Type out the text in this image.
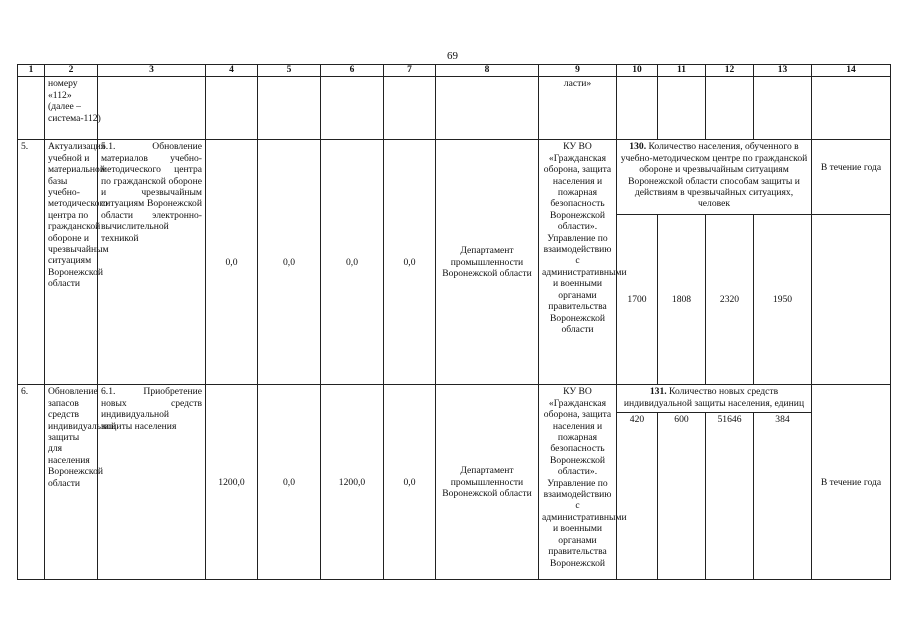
69
1	2	3	4	5	6	7	8	9	10	11	12	13	14
	номеру «112» (далее – система-112)							ласти»					
5.	Актуализация учебной и материальной базы учебно-методического центра по гражданской обороне и чрезвычайным ситуациям Воронежской области	5.1. Обновление материалов учебно-методического центра по гражданской обороне и чрезвычайным ситуациям Воронежской области электронно-вычислительной техникой	0,0	0,0	0,0	0,0	Департамент промышленности Воронежской области	КУ ВО «Гражданская оборона, защита населения и пожарная безопасность Воронежской области». Управление по взаимодействию с административными и военными органами правительства Воронежской области	130. Количество населения, обученного в учебно-методическом центре по гражданской обороне и чрезвычайным ситуациям Воронежской области способам защиты и действиям в чрезвычайных ситуациях, человек				В течение года
									1700	1808	2320	1950	
6.	Обновление запасов средств индивидуальной защиты для населения Воронежской области	6.1. Приобретение новых средств индивидуальной защиты населения	1200,0	0,0	1200,0	0,0	Департамент промышленности Воронежской области	КУ ВО «Гражданская оборона, защита населения и пожарная безопасность Воронежской области». Управление по взаимодействию с административными и военными органами правительства Воронежской	131. Количество новых средств индивидуальной защиты населения, единиц				В течение года
									420	600	51646	384	
